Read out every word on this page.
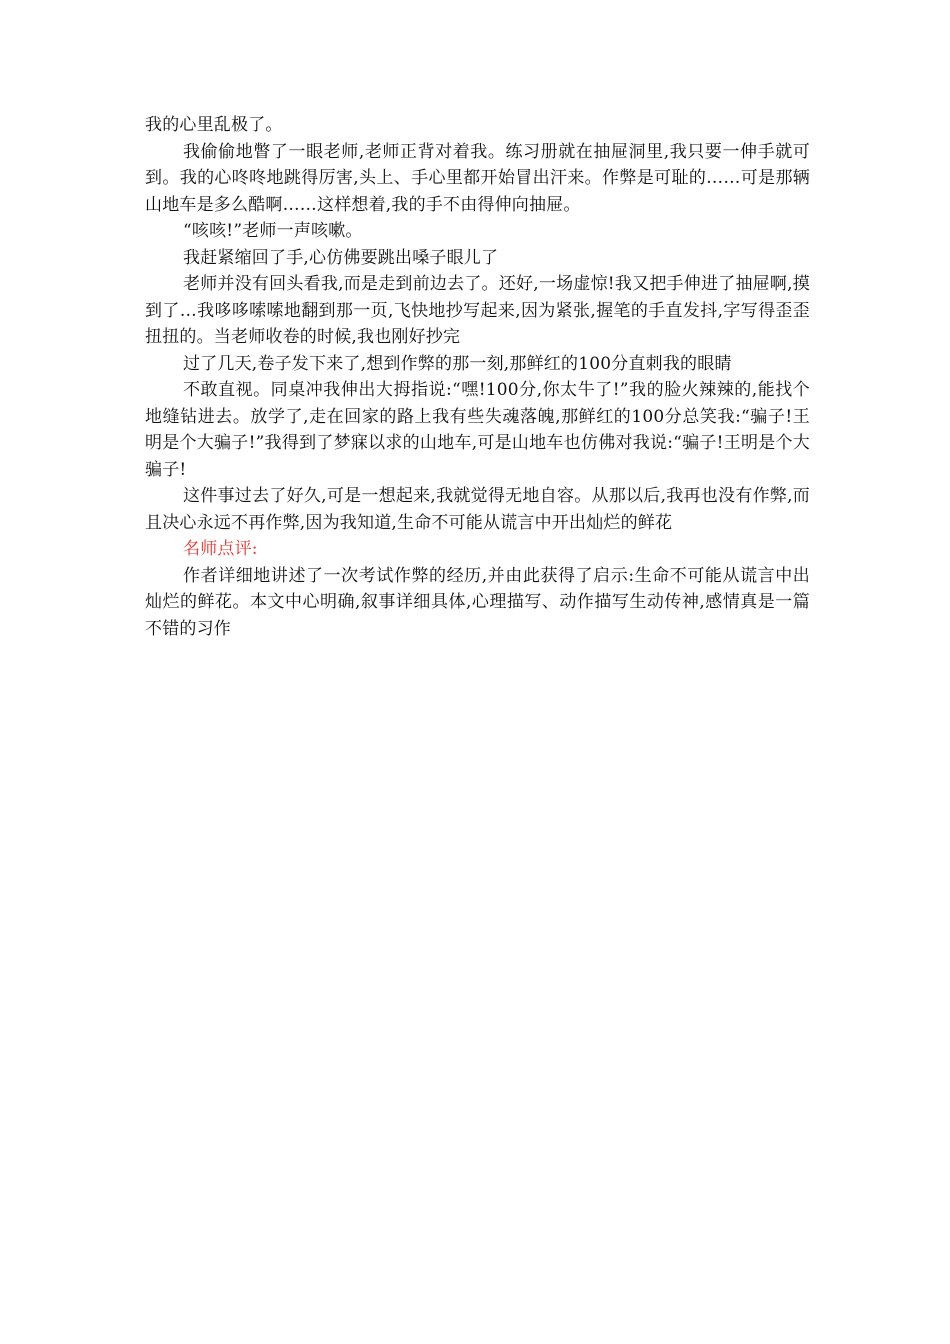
我的心里乱极了。

我偷偷地瞥了一眼老师,老师正背对着我。练习册就在抽屉洞里,我只要一伸手就可到。我的心咚咚地跳得厉害,头上、手心里都开始冒出汗来。作弊是可耻的……可是那辆山地车是多么酷啊……这样想着,我的手不由得伸向抽屉。

“咳咳!”老师一声咳嗽。

我赶紧缩回了手,心仿佛要跳出嗓子眼儿了

老师并没有回头看我,而是走到前边去了。还好,一场虚惊!我又把手伸进了抽屉啊,摸到了…我哆哆嗦嗦地翻到那一页,飞快地抄写起来,因为紧张,握笔的手直发抖,字写得歪歪扭扭的。当老师收卷的时候,我也刚好抄完

过了几天,卷子发下来了,想到作弊的那一刻,那鲜红的100分直刺我的眼睛

不敢直视。同桌冲我伸出大拇指说:“嘿!100分,你太牛了!”我的脸火辣辣的,能找个地缝钻进去。放学了,走在回家的路上我有些失魂落魄,那鲜红的100分总笑我:“骗子!王明是个大骗子!”我得到了梦寐以求的山地车,可是山地车也仿佛对我说:“骗子!王明是个大骗子!

这件事过去了好久,可是一想起来,我就觉得无地自容。从那以后,我再也没有作弊,而且决心永远不再作弊,因为我知道,生命不可能从谎言中开出灿烂的鲜花

名师点评:

作者详细地讲述了一次考试作弊的经历,并由此获得了启示:生命不可能从谎言中出灿烂的鲜花。本文中心明确,叙事详细具体,心理描写、动作描写生动传神,感情真是一篇不错的习作
